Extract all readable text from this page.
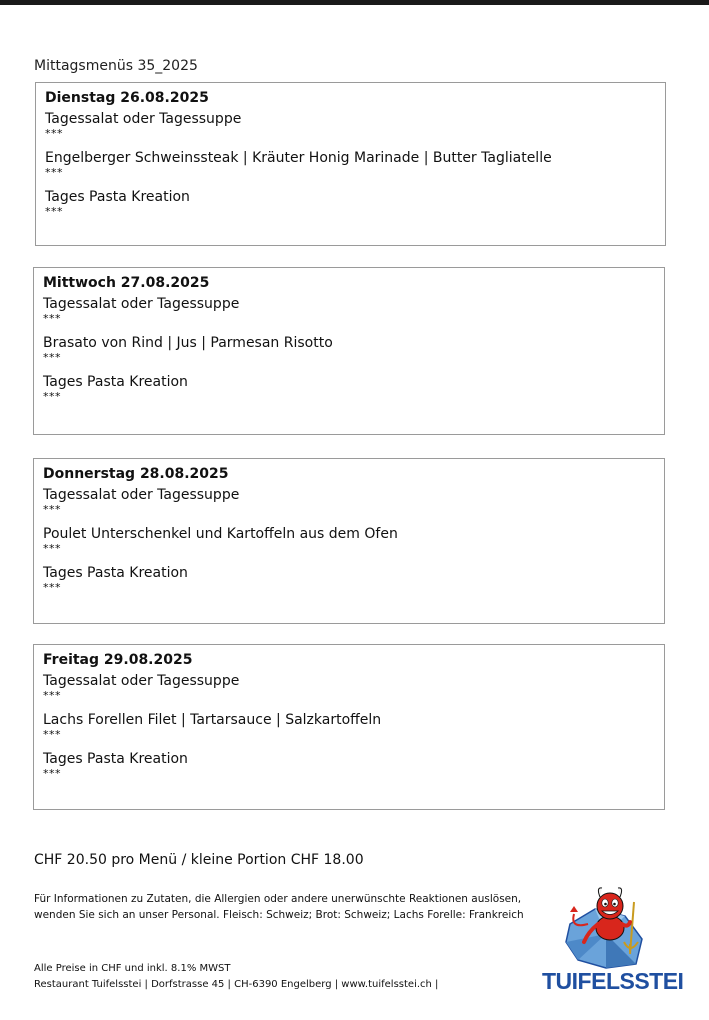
Mittagsmenüs 35_2025
Dienstag 26.08.2025
Tagessalat oder Tagessuppe
***
Engelberger Schweinssteak | Kräuter Honig Marinade | Butter Tagliatelle
***
Tages Pasta Kreation
***
Mittwoch 27.08.2025
Tagessalat oder Tagessuppe
***
Brasato von Rind | Jus | Parmesan Risotto
***
Tages Pasta Kreation
***
Donnerstag 28.08.2025
Tagessalat oder Tagessuppe
***
Poulet Unterschenkel und Kartoffeln aus dem Ofen
***
Tages Pasta Kreation
***
Freitag 29.08.2025
Tagessalat oder Tagessuppe
***
Lachs Forellen Filet | Tartarsauce | Salzkartoffeln
***
Tages Pasta Kreation
***
CHF 20.50 pro Menü / kleine Portion CHF 18.00
Für Informationen zu Zutaten, die Allergien oder andere unerwünschte Reaktionen auslösen,
wenden Sie sich an unser Personal. Fleisch: Schweiz; Brot: Schweiz; Lachs Forelle: Frankreich
Alle Preise in CHF und inkl. 8.1% MWST
Restaurant Tuifelsstei | Dorfstrasse 45 | CH-6390 Engelberg | www.tuifelsstei.ch |	TUIFELSSTEI
